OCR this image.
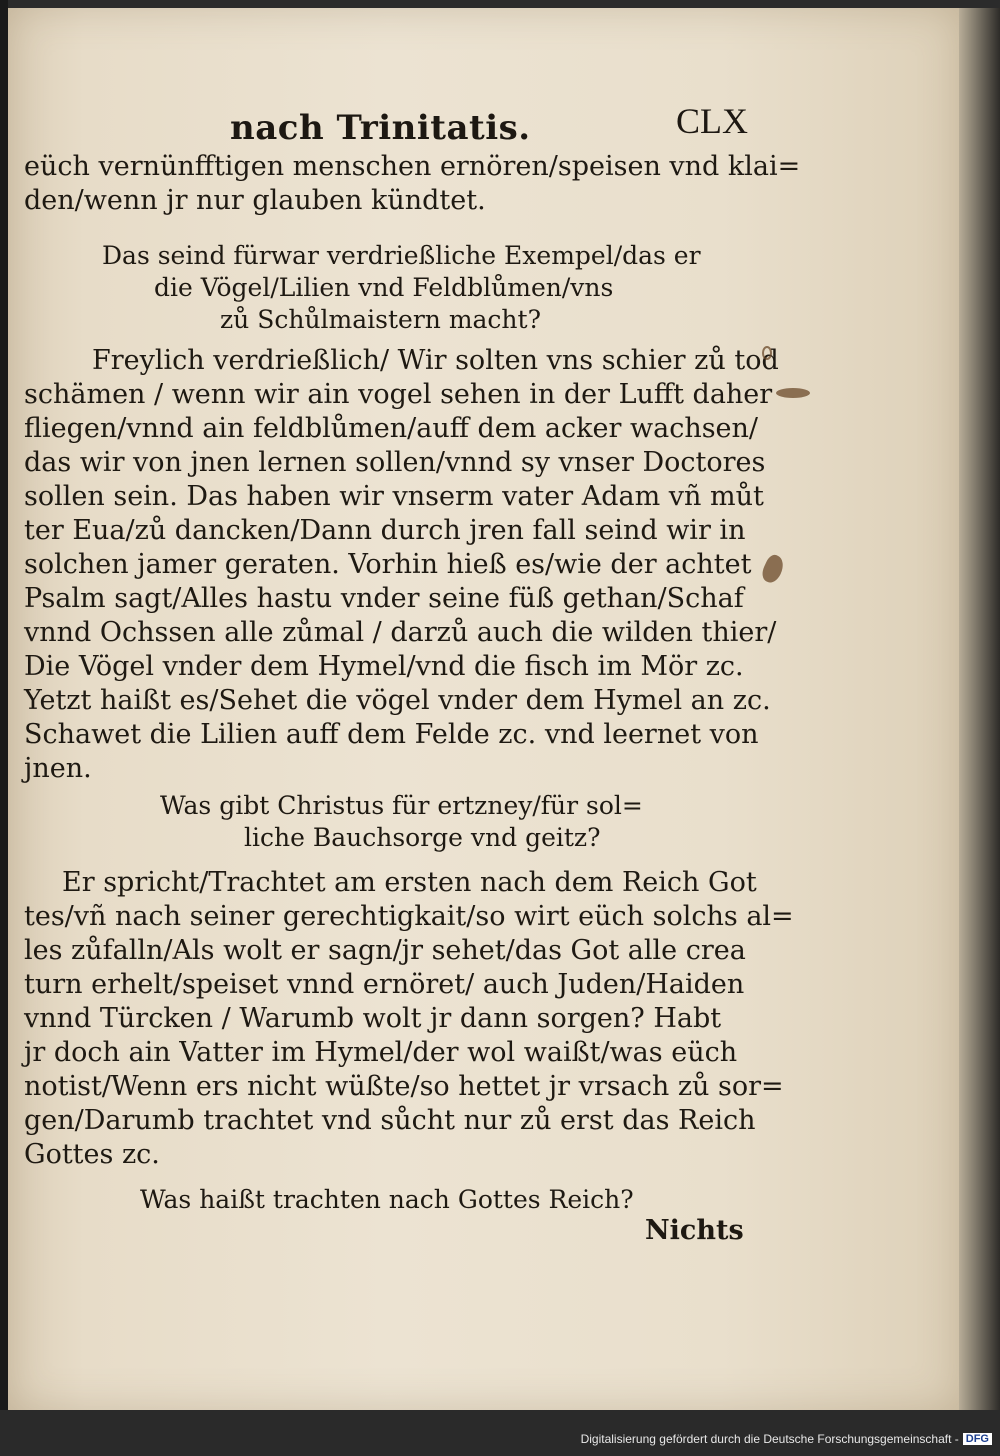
nach Trinitatis.	CLX
eüch vernünfftigen menschen ernören/speisen vnd klai=
den/wenn jr nur glauben kündtet.
Das seind fürwar verdrießliche Exempel/das er
die Vögel/Lilien vnd Feldblůmen/vns
zů Schůlmaistern macht?
Freylich verdrießlich/ Wir solten vns schier zů tod
schämen / wenn wir ain vogel sehen in der Lufft daher
fliegen/vnnd ain feldblůmen/auff dem acker wachsen/
das wir von jnen lernen sollen/vnnd sy vnser Doctores
sollen sein. Das haben wir vnserm vater Adam vñ můt
ter Eua/zů dancken/Dann durch jren fall seind wir in
solchen jamer geraten. Vorhin hieß es/wie der achtet
Psalm sagt/Alles hastu vnder seine füß gethan/Schaf
vnnd Ochssen alle zůmal / darzů auch die wilden thier/
Die Vögel vnder dem Hymel/vnd die fisch im Mör zc.
Yetzt haißt es/Sehet die vögel vnder dem Hymel an zc.
Schawet die Lilien auff dem Felde zc. vnd leernet von
jnen.
Was gibt Christus für ertzney/für sol=
liche Bauchsorge vnd geitz?
Er spricht/Trachtet am ersten nach dem Reich Got
tes/vñ nach seiner gerechtigkait/so wirt eüch solchs al=
les zůfalln/Als wolt er sagn/jr sehet/das Got alle crea
turn erhelt/speiset vnnd ernöret/ auch Juden/Haiden
vnnd Türcken / Warumb wolt jr dann sorgen? Habt
jr doch ain Vatter im Hymel/der wol waißt/was eüch
notist/Wenn ers nicht wüßte/so hettet jr vrsach zů sor=
gen/Darumb trachtet vnd sůcht nur zů erst das Reich
Gottes zc.
Was haißt trachten nach Gottes Reich?
Nichts
Digitalisierung gefördert durch die Deutsche Forschungsgemeinschaft - DFG
